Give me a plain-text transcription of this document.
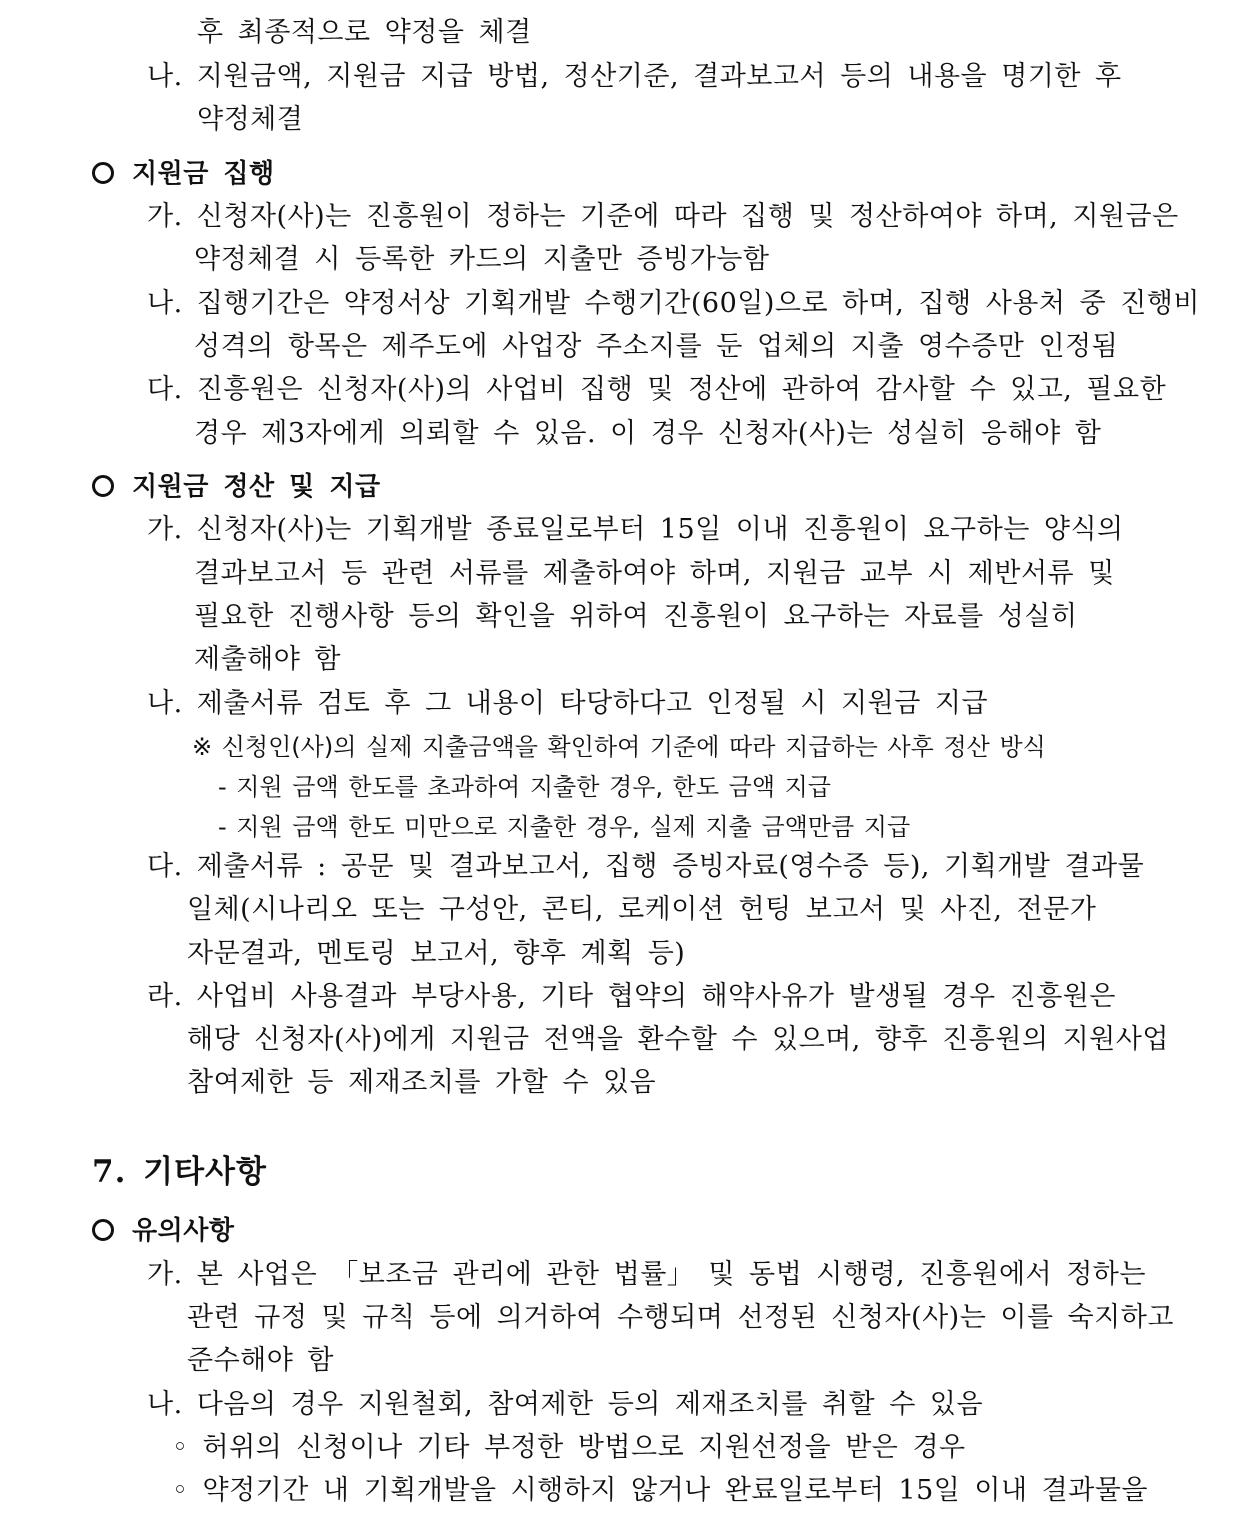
후 최종적으로 약정을 체결
나. 지원금액, 지원금 지급 방법, 정산기준, 결과보고서 등의 내용을 명기한 후
약정체결
지원금 집행
가. 신청자(사)는 진흥원이 정하는 기준에 따라 집행 및 정산하여야 하며, 지원금은
약정체결 시 등록한 카드의 지출만 증빙가능함
나. 집행기간은 약정서상 기획개발 수행기간(60일)으로 하며, 집행 사용처 중 진행비
성격의 항목은 제주도에 사업장 주소지를 둔 업체의 지출 영수증만 인정됨
다. 진흥원은 신청자(사)의 사업비 집행 및 정산에 관하여 감사할 수 있고, 필요한
경우 제3자에게 의뢰할 수 있음. 이 경우 신청자(사)는 성실히 응해야 함
지원금 정산 및 지급
가. 신청자(사)는 기획개발 종료일로부터 15일 이내 진흥원이 요구하는 양식의
결과보고서 등 관련 서류를 제출하여야 하며, 지원금 교부 시 제반서류 및
필요한 진행사항 등의 확인을 위하여 진흥원이 요구하는 자료를 성실히
제출해야 함
나. 제출서류 검토 후 그 내용이 타당하다고 인정될 시 지원금 지급
※ 신청인(사)의 실제 지출금액을 확인하여 기준에 따라 지급하는 사후 정산 방식
- 지원 금액 한도를 초과하여 지출한 경우, 한도 금액 지급
- 지원 금액 한도 미만으로 지출한 경우, 실제 지출 금액만큼 지급
다. 제출서류 : 공문 및 결과보고서, 집행 증빙자료(영수증 등), 기획개발 결과물
일체(시나리오 또는 구성안, 콘티, 로케이션 헌팅 보고서 및 사진, 전문가
자문결과, 멘토링 보고서, 향후 계획 등)
라. 사업비 사용결과 부당사용, 기타 협약의 해약사유가 발생될 경우 진흥원은
해당 신청자(사)에게 지원금 전액을 환수할 수 있으며, 향후 진흥원의 지원사업
참여제한 등 제재조치를 가할 수 있음
7. 기타사항
유의사항
가. 본 사업은 「보조금 관리에 관한 법률」 및 동법 시행령, 진흥원에서 정하는
관련 규정 및 규칙 등에 의거하여 수행되며 선정된 신청자(사)는 이를 숙지하고
준수해야 함
나. 다음의 경우 지원철회, 참여제한 등의 제재조치를 취할 수 있음
◦ 허위의 신청이나 기타 부정한 방법으로 지원선정을 받은 경우
◦ 약정기간 내 기획개발을 시행하지 않거나 완료일로부터 15일 이내 결과물을
